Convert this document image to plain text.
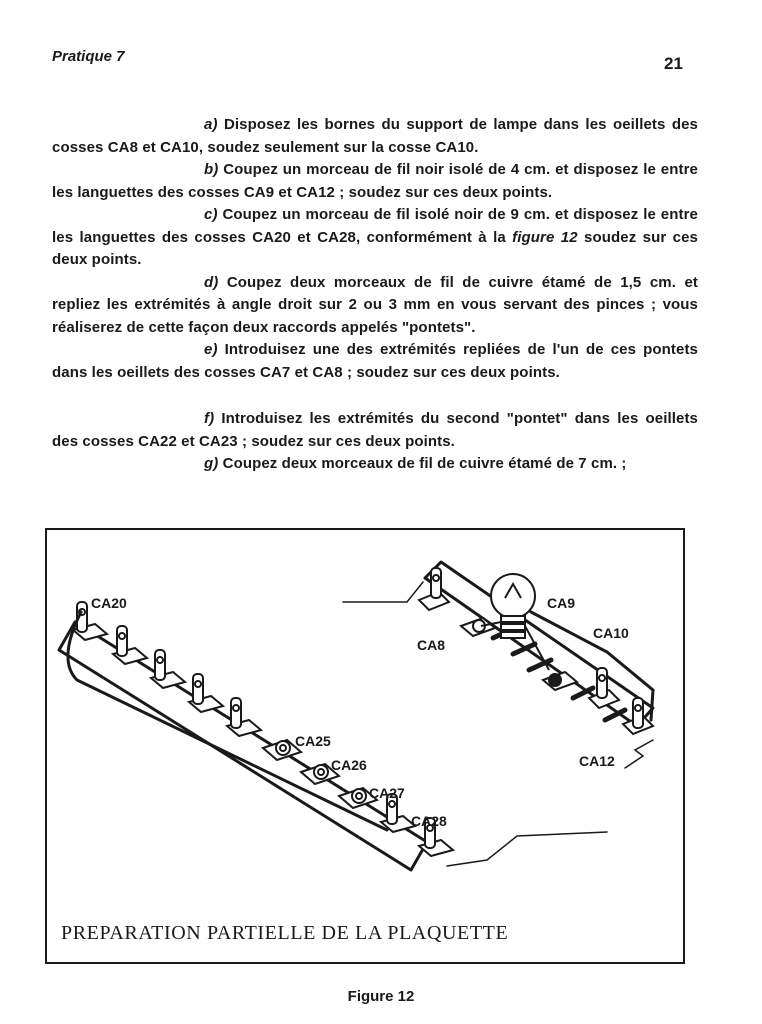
Pratique 7	21

a) Disposez les bornes du support de lampe dans les oeillets des cosses CA8 et CA10, soudez seulement sur la cosse CA10.

b) Coupez un morceau de fil noir isolé de 4 cm. et disposez le entre les languettes des cosses CA9 et CA12 ; soudez sur ces deux points.

c) Coupez un morceau de fil isolé noir de 9 cm. et disposez le entre les languettes des cosses CA20 et CA28, conformément à la figure 12 soudez sur ces deux points.

d) Coupez deux morceaux de fil de cuivre étamé de 1,5 cm. et repliez les extrémités à angle droit sur 2 ou 3 mm en vous servant des pinces ; vous réaliserez de cette façon deux raccords appelés "pontets".

e) Introduisez une des extrémités repliées de l'un de ces pontets dans les oeillets des cosses CA7 et CA8 ; soudez sur ces deux points.

f) Introduisez les extrémités du second "pontet" dans les oeillets des cosses CA22 et CA23 ; soudez sur ces deux points.

g) Coupez deux morceaux de fil de cuivre étamé de 7 cm. ;

CA20
CA8
CA9
CA10
CA12
CA25
CA26
CA27
CA28
PREPARATION PARTIELLE DE LA PLAQUETTE
Figure 12
